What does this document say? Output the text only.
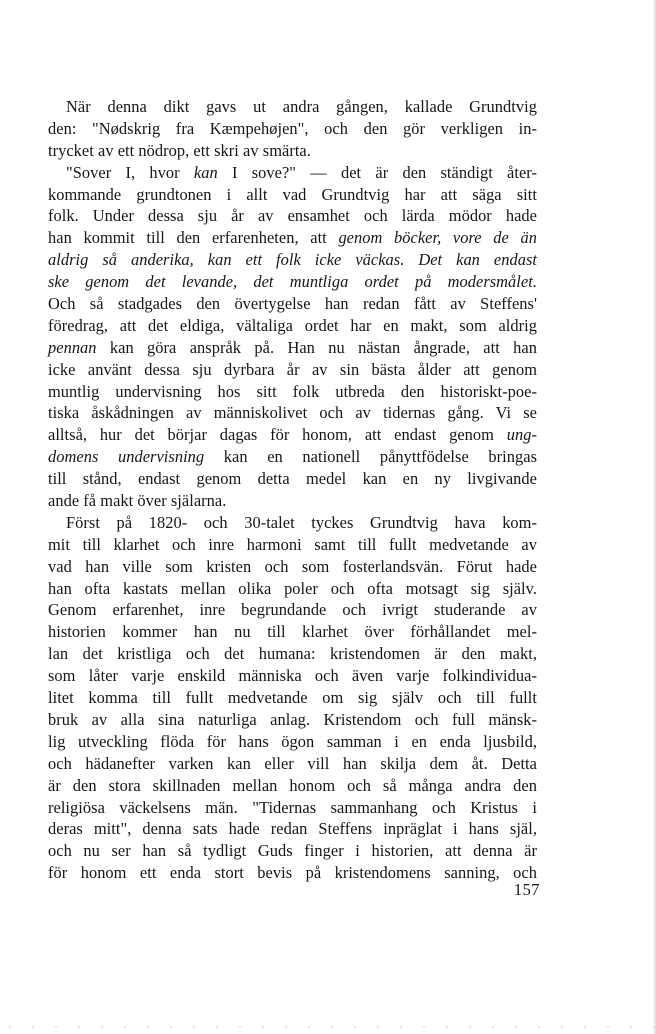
När denna dikt gavs ut andra gången, kallade Grundtvig
den: "Nødskrig fra Kæmpehøjen", och den gör verkligen in-
trycket av ett nödrop, ett skri av smärta.
"Sover I, hvor kan I sove?" — det är den ständigt åter-
kommande grundtonen i allt vad Grundtvig har att säga sitt
folk. Under dessa sju år av ensamhet och lärda mödor hade
han kommit till den erfarenheten, att genom böcker, vore de än
aldrig så anderika, kan ett folk icke väckas. Det kan endast
ske genom det levande, det muntliga ordet på modersmålet.
Och så stadgades den övertygelse han redan fått av Steffens'
föredrag, att det eldiga, vältaliga ordet har en makt, som aldrig
pennan kan göra anspråk på. Han nu nästan ångrade, att han
icke använt dessa sju dyrbara år av sin bästa ålder att genom
muntlig undervisning hos sitt folk utbreda den historiskt-poe-
tiska åskådningen av människolivet och av tidernas gång. Vi se
alltså, hur det börjar dagas för honom, att endast genom ung-
domens undervisning kan en nationell pånyttfödelse bringas
till stånd, endast genom detta medel kan en ny livgivande
ande få makt över själarna.
Först på 1820- och 30-talet tyckes Grundtvig hava kom-
mit till klarhet och inre harmoni samt till fullt medvetande av
vad han ville som kristen och som fosterlandsvän. Förut hade
han ofta kastats mellan olika poler och ofta motsagt sig själv.
Genom erfarenhet, inre begrundande och ivrigt studerande av
historien kommer han nu till klarhet över förhållandet mel-
lan det kristliga och det humana: kristendomen är den makt,
som låter varje enskild människa och även varje folkindividua-
litet komma till fullt medvetande om sig själv och till fullt
bruk av alla sina naturliga anlag. Kristendom och full mänsk-
lig utveckling flöda för hans ögon samman i en enda ljusbild,
och hädanefter varken kan eller vill han skilja dem åt. Detta
är den stora skillnaden mellan honom och så många andra den
religiösa väckelsens män. "Tidernas sammanhang och Kristus i
deras mitt", denna sats hade redan Steffens inpräglat i hans själ,
och nu ser han så tydligt Guds finger i historien, att denna är
för honom ett enda stort bevis på kristendomens sanning, och
157
